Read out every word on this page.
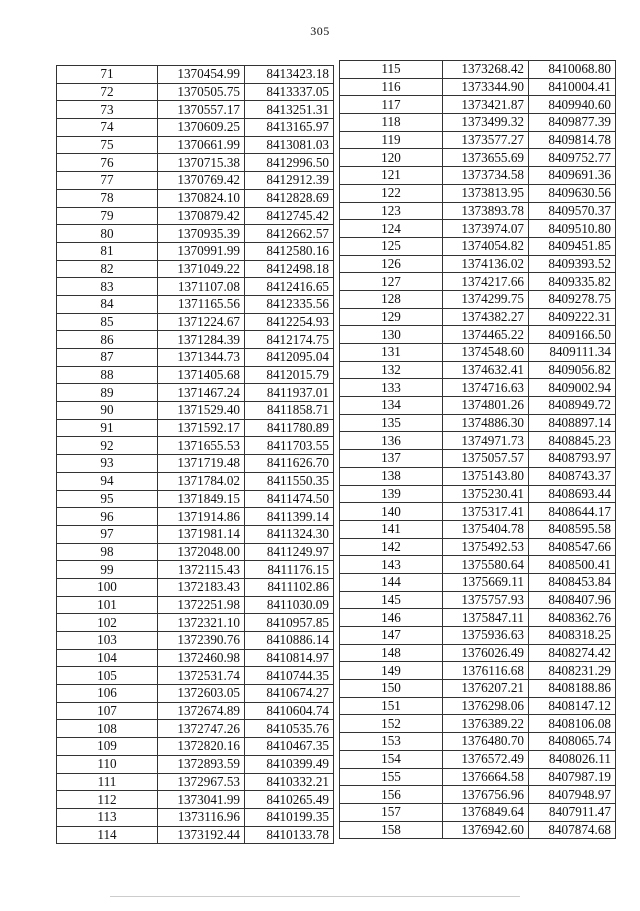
305
71	1370454.99	8413423.18
72	1370505.75	8413337.05
73	1370557.17	8413251.31
74	1370609.25	8413165.97
75	1370661.99	8413081.03
76	1370715.38	8412996.50
77	1370769.42	8412912.39
78	1370824.10	8412828.69
79	1370879.42	8412745.42
80	1370935.39	8412662.57
81	1370991.99	8412580.16
82	1371049.22	8412498.18
83	1371107.08	8412416.65
84	1371165.56	8412335.56
85	1371224.67	8412254.93
86	1371284.39	8412174.75
87	1371344.73	8412095.04
88	1371405.68	8412015.79
89	1371467.24	8411937.01
90	1371529.40	8411858.71
91	1371592.17	8411780.89
92	1371655.53	8411703.55
93	1371719.48	8411626.70
94	1371784.02	8411550.35
95	1371849.15	8411474.50
96	1371914.86	8411399.14
97	1371981.14	8411324.30
98	1372048.00	8411249.97
99	1372115.43	8411176.15
100	1372183.43	8411102.86
101	1372251.98	8411030.09
102	1372321.10	8410957.85
103	1372390.76	8410886.14
104	1372460.98	8410814.97
105	1372531.74	8410744.35
106	1372603.05	8410674.27
107	1372674.89	8410604.74
108	1372747.26	8410535.76
109	1372820.16	8410467.35
110	1372893.59	8410399.49
111	1372967.53	8410332.21
112	1373041.99	8410265.49
113	1373116.96	8410199.35
114	1373192.44	8410133.78
115	1373268.42	8410068.80
116	1373344.90	8410004.41
117	1373421.87	8409940.60
118	1373499.32	8409877.39
119	1373577.27	8409814.78
120	1373655.69	8409752.77
121	1373734.58	8409691.36
122	1373813.95	8409630.56
123	1373893.78	8409570.37
124	1373974.07	8409510.80
125	1374054.82	8409451.85
126	1374136.02	8409393.52
127	1374217.66	8409335.82
128	1374299.75	8409278.75
129	1374382.27	8409222.31
130	1374465.22	8409166.50
131	1374548.60	8409111.34
132	1374632.41	8409056.82
133	1374716.63	8409002.94
134	1374801.26	8408949.72
135	1374886.30	8408897.14
136	1374971.73	8408845.23
137	1375057.57	8408793.97
138	1375143.80	8408743.37
139	1375230.41	8408693.44
140	1375317.41	8408644.17
141	1375404.78	8408595.58
142	1375492.53	8408547.66
143	1375580.64	8408500.41
144	1375669.11	8408453.84
145	1375757.93	8408407.96
146	1375847.11	8408362.76
147	1375936.63	8408318.25
148	1376026.49	8408274.42
149	1376116.68	8408231.29
150	1376207.21	8408188.86
151	1376298.06	8408147.12
152	1376389.22	8408106.08
153	1376480.70	8408065.74
154	1376572.49	8408026.11
155	1376664.58	8407987.19
156	1376756.96	8407948.97
157	1376849.64	8407911.47
158	1376942.60	8407874.68
